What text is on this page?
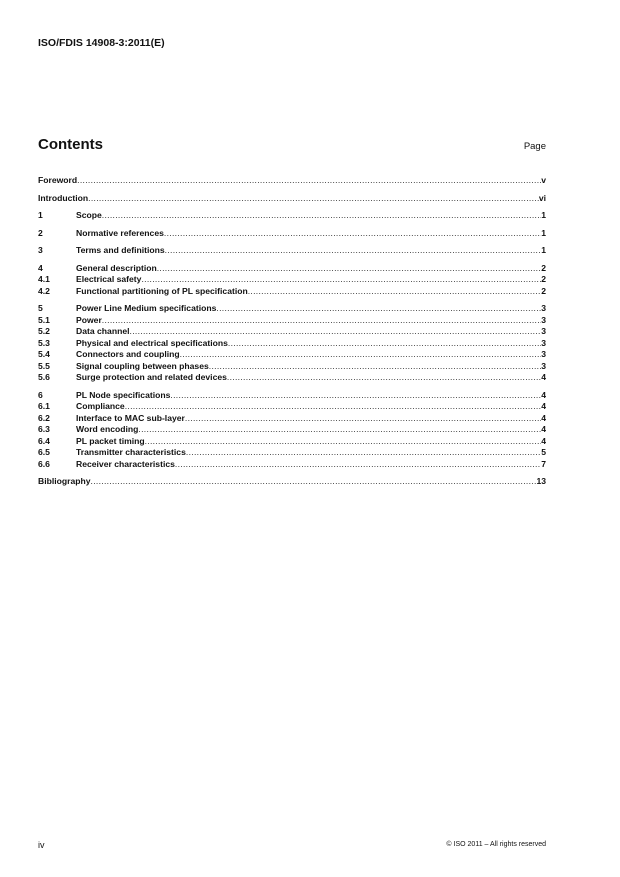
ISO/FDIS 14908-3:2011(E)
Contents	Page
Foreword .....	v
Introduction .....	vi
1	Scope .....	1
2	Normative references .....	1
3	Terms and definitions .....	1
4	General description .....	2
4.1	Electrical safety .....	2
4.2	Functional partitioning of PL specification .....	2
5	Power Line Medium specifications .....	3
5.1	Power .....	3
5.2	Data channel .....	3
5.3	Physical and electrical specifications .....	3
5.4	Connectors and coupling .....	3
5.5	Signal coupling between phases .....	3
5.6	Surge protection and related devices .....	4
6	PL Node specifications .....	4
6.1	Compliance .....	4
6.2	Interface to MAC sub-layer .....	4
6.3	Word encoding .....	4
6.4	PL packet timing .....	4
6.5	Transmitter characteristics .....	5
6.6	Receiver characteristics .....	7
Bibliography .....	13
iv	© ISO 2011 – All rights reserved
